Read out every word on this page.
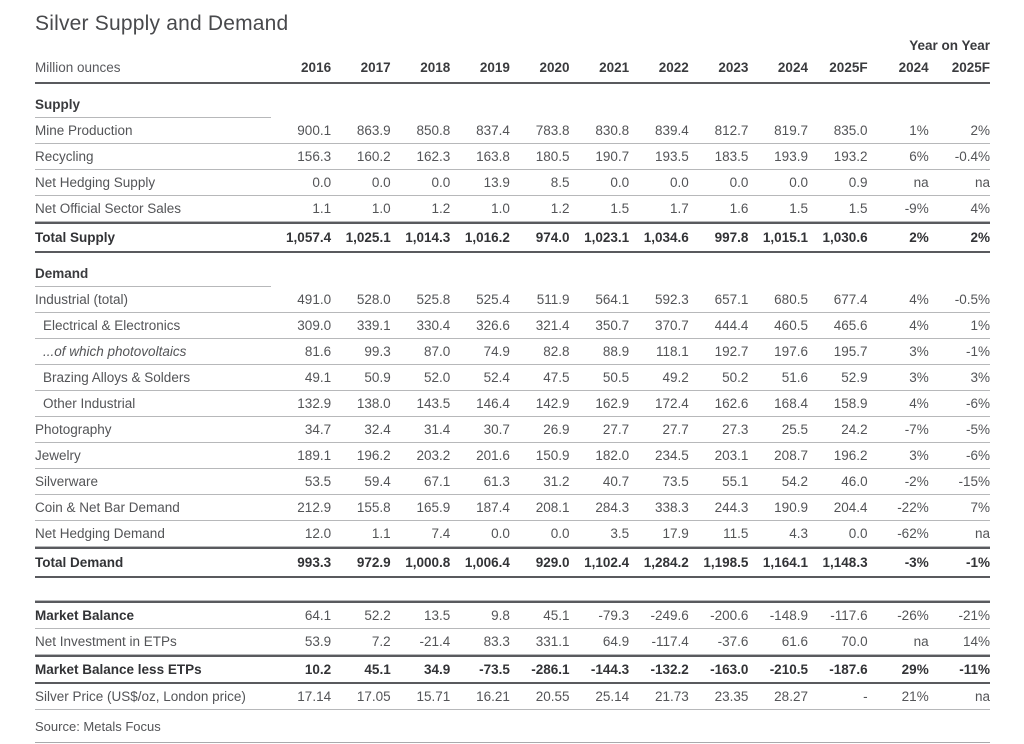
Silver Supply and Demand
											Year on Year	
Million ounces	2016	2017	2018	2019	2020	2021	2022	2023	2024	2025F	2024	2025F
Supply												
Mine Production	900.1	863.9	850.8	837.4	783.8	830.8	839.4	812.7	819.7	835.0	1%	2%
Recycling	156.3	160.2	162.3	163.8	180.5	190.7	193.5	183.5	193.9	193.2	6%	-0.4%
Net Hedging Supply	0.0	0.0	0.0	13.9	8.5	0.0	0.0	0.0	0.0	0.9	na	na
Net Official Sector Sales	1.1	1.0	1.2	1.0	1.2	1.5	1.7	1.6	1.5	1.5	-9%	4%
Total Supply	1,057.4	1,025.1	1,014.3	1,016.2	974.0	1,023.1	1,034.6	997.8	1,015.1	1,030.6	2%	2%
Demand												
Industrial (total)	491.0	528.0	525.8	525.4	511.9	564.1	592.3	657.1	680.5	677.4	4%	-0.5%
Electrical & Electronics	309.0	339.1	330.4	326.6	321.4	350.7	370.7	444.4	460.5	465.6	4%	1%
...of which photovoltaics	81.6	99.3	87.0	74.9	82.8	88.9	118.1	192.7	197.6	195.7	3%	-1%
Brazing Alloys & Solders	49.1	50.9	52.0	52.4	47.5	50.5	49.2	50.2	51.6	52.9	3%	3%
Other Industrial	132.9	138.0	143.5	146.4	142.9	162.9	172.4	162.6	168.4	158.9	4%	-6%
Photography	34.7	32.4	31.4	30.7	26.9	27.7	27.7	27.3	25.5	24.2	-7%	-5%
Jewelry	189.1	196.2	203.2	201.6	150.9	182.0	234.5	203.1	208.7	196.2	3%	-6%
Silverware	53.5	59.4	67.1	61.3	31.2	40.7	73.5	55.1	54.2	46.0	-2%	-15%
Coin & Net Bar Demand	212.9	155.8	165.9	187.4	208.1	284.3	338.3	244.3	190.9	204.4	-22%	7%
Net Hedging Demand	12.0	1.1	7.4	0.0	0.0	3.5	17.9	11.5	4.3	0.0	-62%	na
Total Demand	993.3	972.9	1,000.8	1,006.4	929.0	1,102.4	1,284.2	1,198.5	1,164.1	1,148.3	-3%	-1%

Market Balance	64.1	52.2	13.5	9.8	45.1	-79.3	-249.6	-200.6	-148.9	-117.6	-26%	-21%
Net Investment in ETPs	53.9	7.2	-21.4	83.3	331.1	64.9	-117.4	-37.6	61.6	70.0	na	14%
Market Balance less ETPs	10.2	45.1	34.9	-73.5	-286.1	-144.3	-132.2	-163.0	-210.5	-187.6	29%	-11%
Silver Price (US$/oz, London price)	17.14	17.05	15.71	16.21	20.55	25.14	21.73	23.35	28.27	-	21%	na
Source: Metals Focus
